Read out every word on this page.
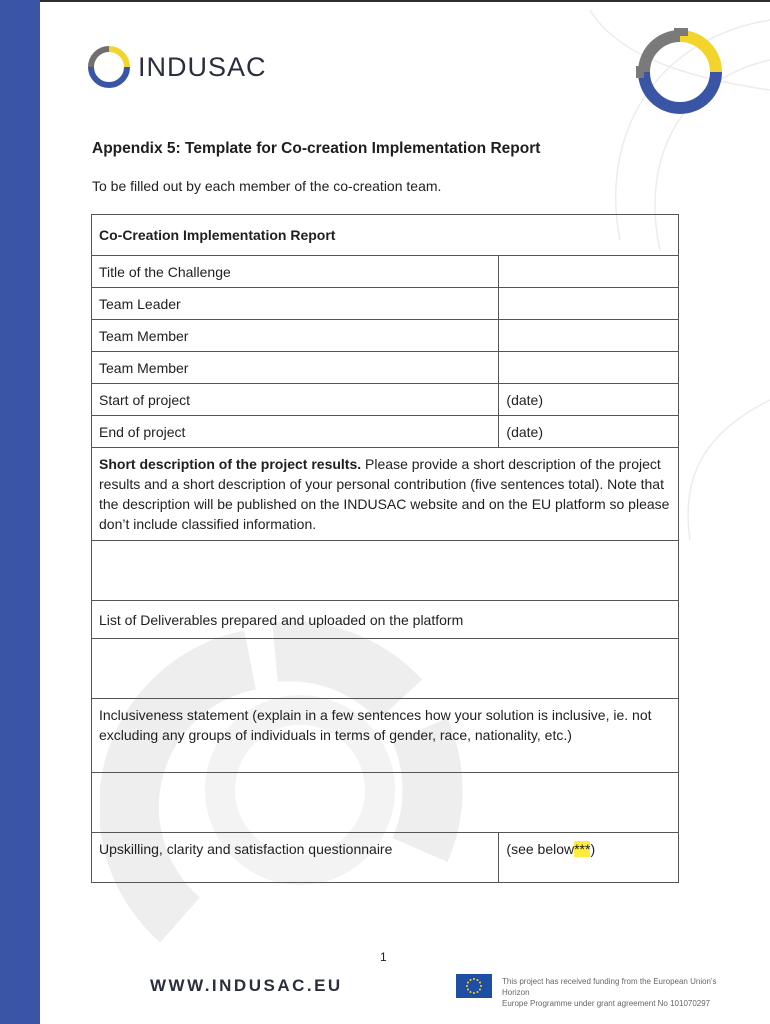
INDUSAC
Appendix 5: Template for Co-creation Implementation Report
To be filled out by each member of the co-creation team.
Co-Creation Implementation Report	
Title of the Challenge	
Team Leader	
Team Member	
Team Member	
Start of project	(date)
End of project	(date)
Short description of the project results. Please provide a short description of the project results and a short description of your personal contribution (five sentences total). Note that the description will be published on the INDUSAC website and on the EU platform so please don’t include classified information.	

List of Deliverables prepared and uploaded on the platform	

Inclusiveness statement (explain in a few sentences how your solution is inclusive, ie. not excluding any groups of individuals in terms of gender, race, nationality, etc.)	

Upskilling, clarity and satisfaction questionnaire	(see below***)
1
WWW.INDUSAC.EU	This project has received funding from the European Union's Horizon
Europe Programme under grant agreement No 101070297
